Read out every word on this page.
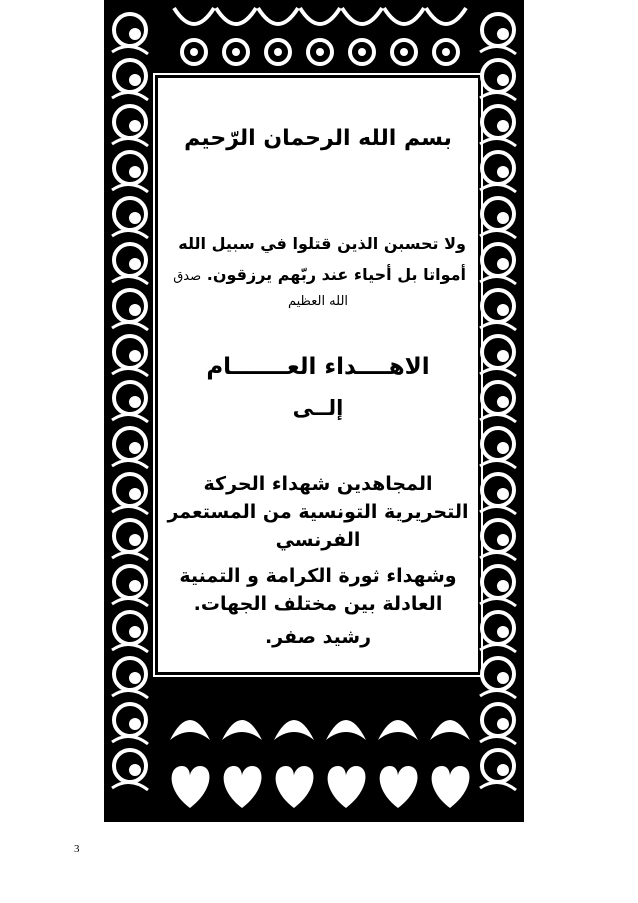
بسم الله الرحمان الرّحيم
ولا تحسبن الذين قتلوا في سبيل الله
أمواتا بل أحياء عند ربّهم يرزقون. صدق
الله العظيم
الاهــــداء العـــــــام
إلــى
المجاهدين شهداء الحركة
التحريرية التونسية من المستعمر
الفرنسي
وشهداء ثورة الكرامة و التمنية
العادلة بين مختلف الجهات.
رشيد صفر.
3
